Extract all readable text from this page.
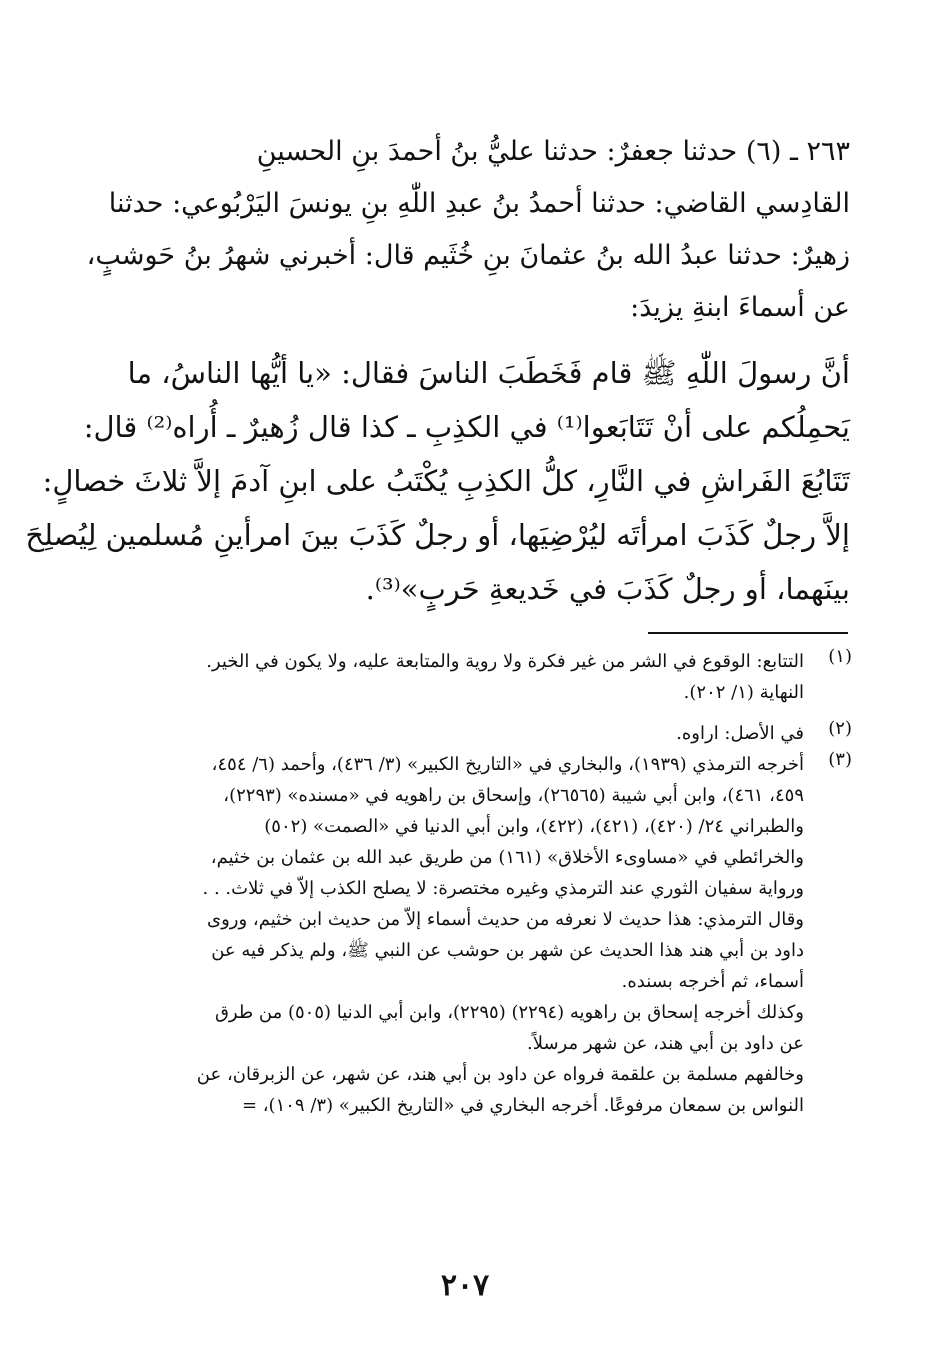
٢٦٣ ـ (٦) حدثنا جعفرٌ: حدثنا عليُّ بنُ أحمدَ بنِ الحسينِ
القادِسي القاضي: حدثنا أحمدُ بنُ عبدِ اللّٰهِ بنِ يونسَ اليَرْبُوعي: حدثنا
زهيرٌ: حدثنا عبدُ الله بنُ عثمانَ بنِ خُثَيم قال: أخبرني شهرُ بنُ حَوشبٍ،
عن أسماءَ ابنةِ يزيدَ:
أنَّ رسولَ اللّٰهِ ﷺ قام فَخَطَبَ الناسَ فقال: «يا أيُّها الناسُ، ما
يَحمِلُكم على أنْ تَتَابَعوا⁽¹⁾ في الكذِبِ ـ كذا قال زُهيرٌ ـ أُراه⁽²⁾ قال:
تَتَابُعَ الفَراشِ في النَّارِ، كلُّ الكذِبِ يُكْتَبُ على ابنِ آدمَ إلاَّ ثلاثَ خصالٍ:
إلاَّ رجلٌ كَذَبَ امرأتَه ليُرْضِيَها، أو رجلٌ كَذَبَ بينَ امرأينِ مُسلمين لِيُصلِحَ
بينَهما، أو رجلٌ كَذَبَ في خَديعةِ حَربٍ»⁽³⁾.
(١)
التتابع: الوقوع في الشر من غير فكرة ولا روية والمتابعة عليه، ولا يكون في الخير.
النهاية (١/ ٢٠٢).
(٢)
في الأصل: اراوه.
(٣)
أخرجه الترمذي (١٩٣٩)، والبخاري في «التاريخ الكبير» (٣/ ٤٣٦)، وأحمد (٦/ ٤٥٤،
٤٥٩، ٤٦١)، وابن أبي شيبة (٢٦٥٦٥)، وإسحاق بن راهويه في «مسنده» (٢٢٩٣)،
والطبراني ٢٤/ (٤٢٠)، (٤٢١)، (٤٢٢)، وابن أبي الدنيا في «الصمت» (٥٠٢)
والخرائطي في «مساوىء الأخلاق» (١٦١) من طريق عبد الله بن عثمان بن خثيم،
ورواية سفيان الثوري عند الترمذي وغيره مختصرة: لا يصلح الكذب إلاّ في ثلاث. . .
وقال الترمذي: هذا حديث لا نعرفه من حديث أسماء إلاّ من حديث ابن خثيم، وروى
داود بن أبي هند هذا الحديث عن شهر بن حوشب عن النبي ﷺ، ولم يذكر فيه عن
أسماء، ثم أخرجه بسنده.
وكذلك أخرجه إسحاق بن راهويه (٢٢٩٤) (٢٢٩٥)، وابن أبي الدنيا (٥٠٥) من طرق
عن داود بن أبي هند، عن شهر مرسلاً.
وخالفهم مسلمة بن علقمة فرواه عن داود بن أبي هند، عن شهر، عن الزبرقان، عن
النواس بن سمعان مرفوعًا. أخرجه البخاري في «التاريخ الكبير» (٣/ ١٠٩)، =
٢٠٧
